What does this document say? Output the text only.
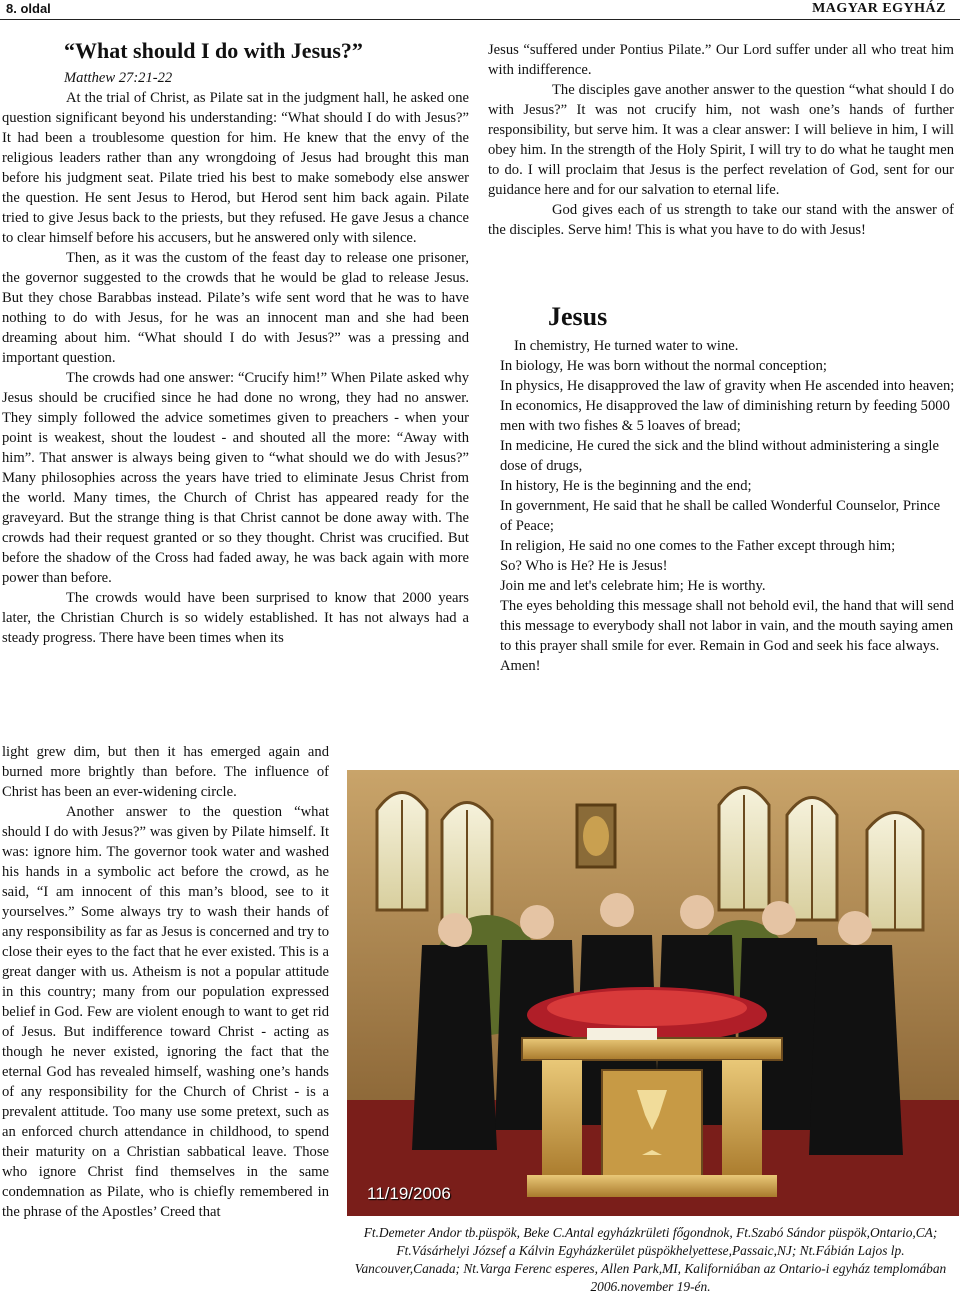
8. oldal	MAGYAR EGYHÁZ
“What should I do with Jesus?”

Matthew 27:21-22

At the trial of Christ, as Pilate sat in the judgment hall, he asked one question significant beyond his understanding: “What should I do with Jesus?” It had been a troublesome question for him. He knew that the envy of the religious leaders rather than any wrongdoing of Jesus had brought this man before his judgment seat. Pilate tried his best to make somebody else answer the question. He sent Jesus to Herod, but Herod sent him back again. Pilate tried to give Jesus back to the priests, but they refused. He gave Jesus a chance to clear himself before his accusers, but he answered only with silence.

Then, as it was the custom of the feast day to release one prisoner, the governor suggested to the crowds that he would be glad to release Jesus. But they chose Barabbas instead. Pilate’s wife sent word that he was to have nothing to do with Jesus, for he was an innocent man and she had been dreaming about him. “What should I do with Jesus?” was a pressing and important question.

The crowds had one answer: “Crucify him!” When Pilate asked why Jesus should be crucified since he had done no wrong, they had no answer. They simply followed the advice sometimes given to preachers - when your point is weakest, shout the loudest - and shouted all the more: “Away with him”. That answer is always being given to “what should we do with Jesus?” Many philosophies across the years have tried to eliminate Jesus Christ from the world. Many times, the Church of Christ has appeared ready for the graveyard. But the strange thing is that Christ cannot be done away with. The crowds had their request granted or so they thought. Christ was crucified. But before the shadow of the Cross had faded away, he was back again with more power than before.

The crowds would have been surprised to know that 2000 years later, the Christian Church is so widely established. It has not always had a steady progress. There have been times when its

light grew dim, but then it has emerged again and burned more brightly than before. The influence of Christ has been an ever-widening circle.

Another answer to the question “what should I do with Jesus?” was given by Pilate himself. It was: ignore him. The governor took water and washed his hands in a symbolic act before the crowd, as he said, “I am innocent of this man’s blood, see to it yourselves.” Some always try to wash their hands of any responsibility as far as Jesus is concerned and try to close their eyes to the fact that he ever existed. This is a great danger with us. Atheism is not a popular attitude in this country; many from our population expressed belief in God. Few are violent enough to want to get rid of Jesus. But indifference toward Christ - acting as though he never existed, ignoring the fact that the eternal God has revealed himself, washing one’s hands of any responsibility for the Church of Christ - is a prevalent attitude. Too many use some pretext, such as an enforced church attendance in childhood, to spend their maturity on a Christian sabbatical leave. Those who ignore Christ find themselves in the same condemnation as Pilate, who is chiefly remembered in the phrase of the Apostles’ Creed that

Jesus “suffered under Pontius Pilate.” Our Lord suffer under all who treat him with indifference.

The disciples gave another answer to the question “what should I do with Jesus?” It was not crucify him, not wash one’s hands of further responsibility, but serve him. It was a clear answer: I will believe in him, I will obey him. In the strength of the Holy Spirit, I will try to do what he taught men to do. I will proclaim that Jesus is the perfect revelation of God, sent for our guidance here and for our salvation to eternal life.

God gives each of us strength to take our stand with the answer of the disciples. Serve him! This is what you have to do with Jesus!

Jesus
In chemistry, He turned water to wine.
In biology, He was born without the normal conception;
In physics, He disapproved the law of gravity when He ascended into heaven;
In economics, He disapproved the law of diminishing return by feeding 5000 men with two fishes & 5 loaves of bread;
In medicine, He cured the sick and the blind without administering a single dose of drugs,
In history, He is the beginning and the end;
In government, He said that he shall be called Wonderful Counselor, Prince of Peace;
In religion, He said no one comes to the Father except through him;
So? Who is He? He is Jesus!
Join me and let's celebrate him; He is worthy.
The eyes beholding this message shall not behold evil, the hand that will send this message to everybody shall not labor in vain, and the mouth saying amen to this prayer shall smile for ever. Remain in God and seek his face always. Amen!
11/19/2006

Ft.Demeter Andor tb.püspök, Beke C.Antal egyházkrületi főgondnok, Ft.Szabó Sándor püspök,Ontario,CA; Ft.Vásárhelyi József a Kálvin Egyházkerület püspökhelyettese,Passaic,NJ; Nt.Fábián Lajos lp. Vancouver,Canada; Nt.Varga Ferenc esperes, Allen Park,MI, Kaliforniában az Ontario-i egyház templomában 2006.november 19-én.
